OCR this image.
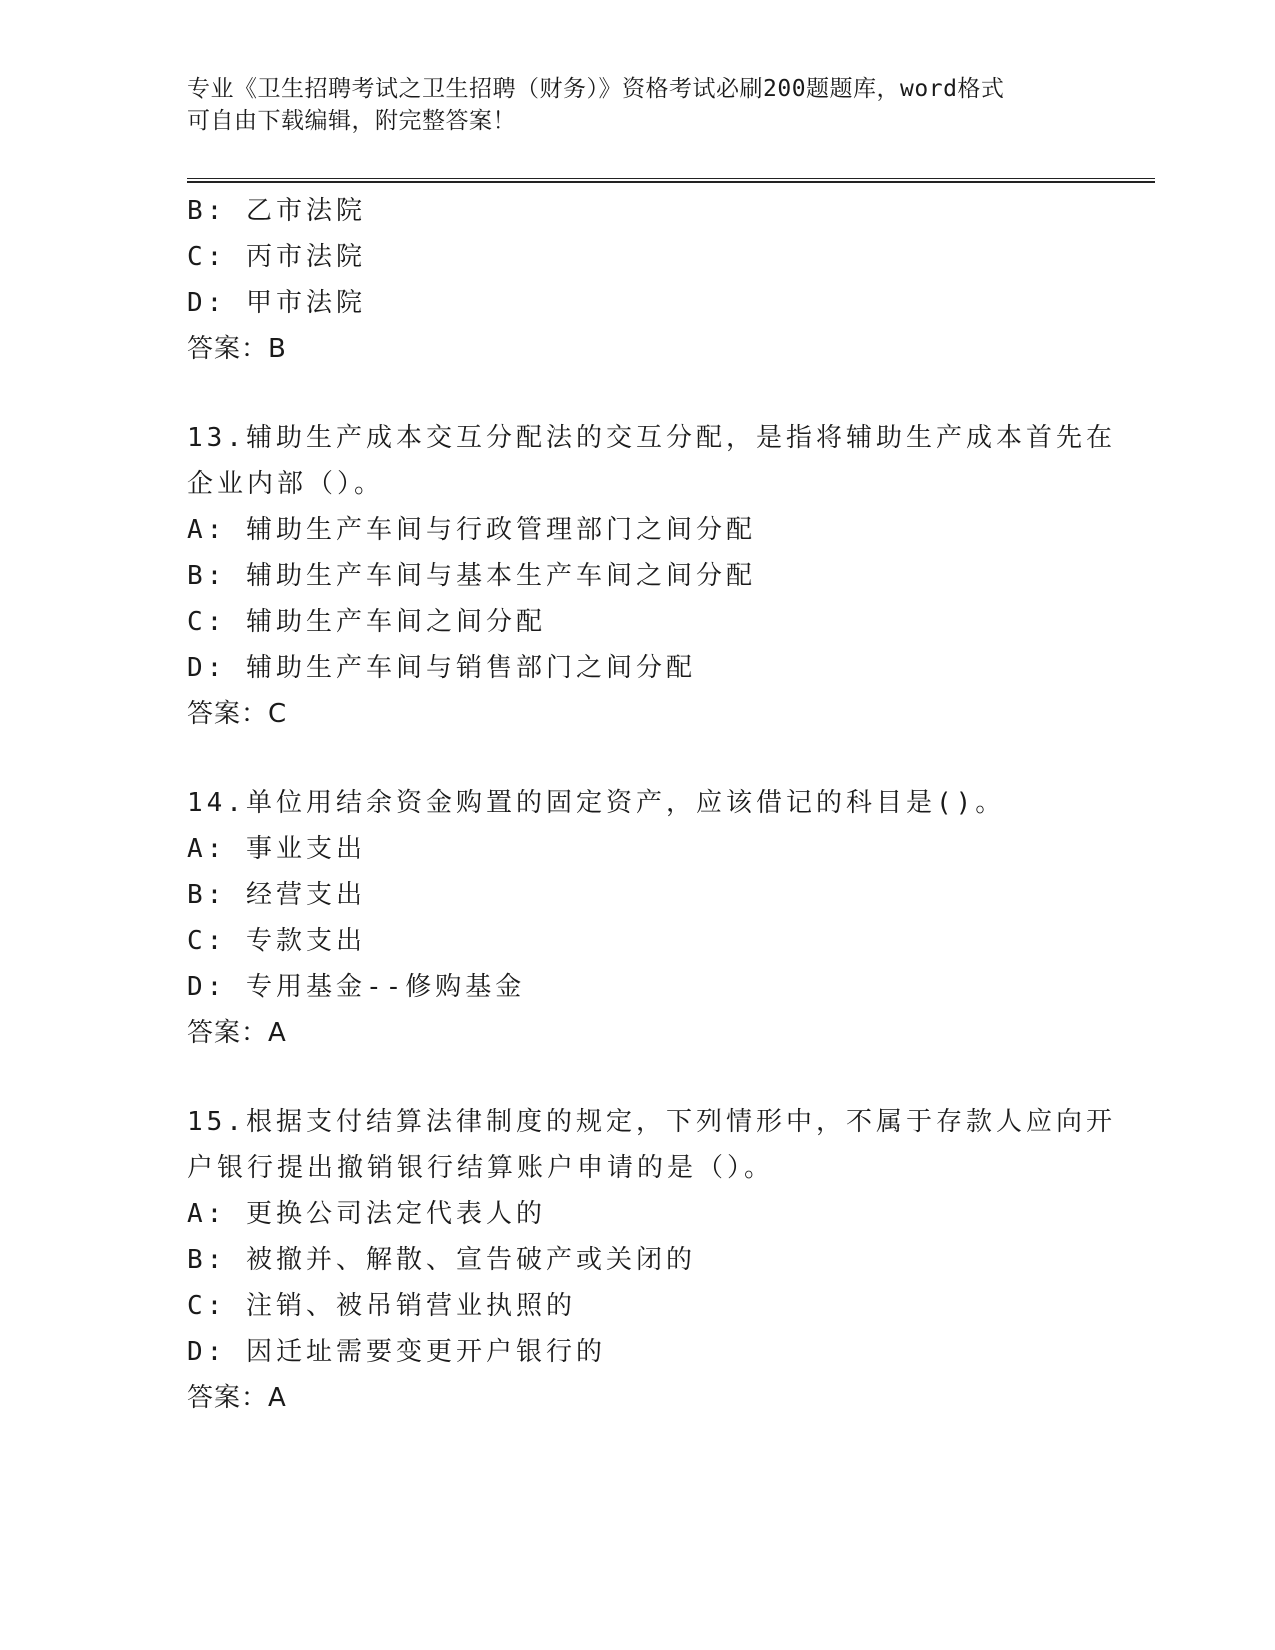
专业《卫生招聘考试之卫生招聘（财务）》资格考试必刷200题题库，word格式
可自由下载编辑，附完整答案！
B: 乙市法院
C: 丙市法院
D: 甲市法院
答案：B
13.辅助生产成本交互分配法的交互分配，是指将辅助生产成本首先在
企业内部（）。
A: 辅助生产车间与行政管理部门之间分配
B: 辅助生产车间与基本生产车间之间分配
C: 辅助生产车间之间分配
D: 辅助生产车间与销售部门之间分配
答案：C
14.单位用结余资金购置的固定资产，应该借记的科目是()。
A: 事业支出
B: 经营支出
C: 专款支出
D: 专用基金--修购基金
答案：A
15.根据支付结算法律制度的规定，下列情形中，不属于存款人应向开
户银行提出撤销银行结算账户申请的是（）。
A: 更换公司法定代表人的
B: 被撤并、解散、宣告破产或关闭的
C: 注销、被吊销营业执照的
D: 因迁址需要变更开户银行的
答案：A
